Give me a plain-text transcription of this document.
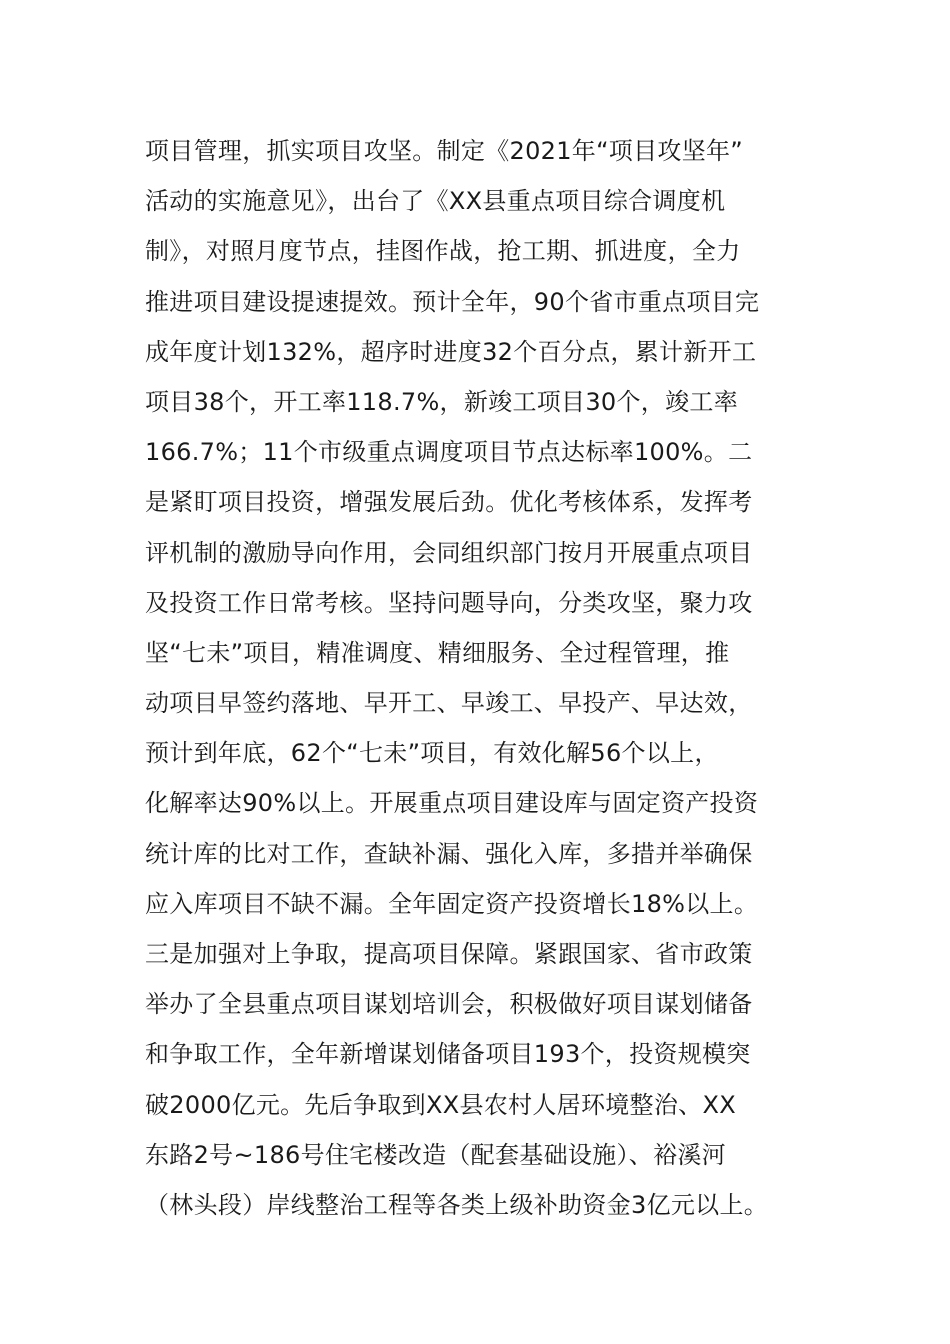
项目管理，抓实项目攻坚。制定《2021年“项目攻坚年”
活动的实施意见》，出台了《XX县重点项目综合调度机
制》，对照月度节点，挂图作战，抢工期、抓进度，全力
推进项目建设提速提效。预计全年，90个省市重点项目完
成年度计划132%，超序时进度32个百分点，累计新开工
项目38个，开工率118.7%，新竣工项目30个，竣工率
166.7%；11个市级重点调度项目节点达标率100%。二
是紧盯项目投资，增强发展后劲。优化考核体系，发挥考
评机制的激励导向作用，会同组织部门按月开展重点项目
及投资工作日常考核。坚持问题导向，分类攻坚，聚力攻
坚“七未”项目，精准调度、精细服务、全过程管理，推
动项目早签约落地、早开工、早竣工、早投产、早达效，
预计到年底，62个“七未”项目，有效化解56个以上，
化解率达90%以上。开展重点项目建设库与固定资产投资
统计库的比对工作，查缺补漏、强化入库，多措并举确保
应入库项目不缺不漏。全年固定资产投资增长18%以上。
三是加强对上争取，提高项目保障。紧跟国家、省市政策
举办了全县重点项目谋划培训会，积极做好项目谋划储备
和争取工作，全年新增谋划储备项目193个，投资规模突
破2000亿元。先后争取到XX县农村人居环境整治、XX
东路2号~186号住宅楼改造（配套基础设施）、裕溪河
（林头段）岸线整治工程等各类上级补助资金3亿元以上。
